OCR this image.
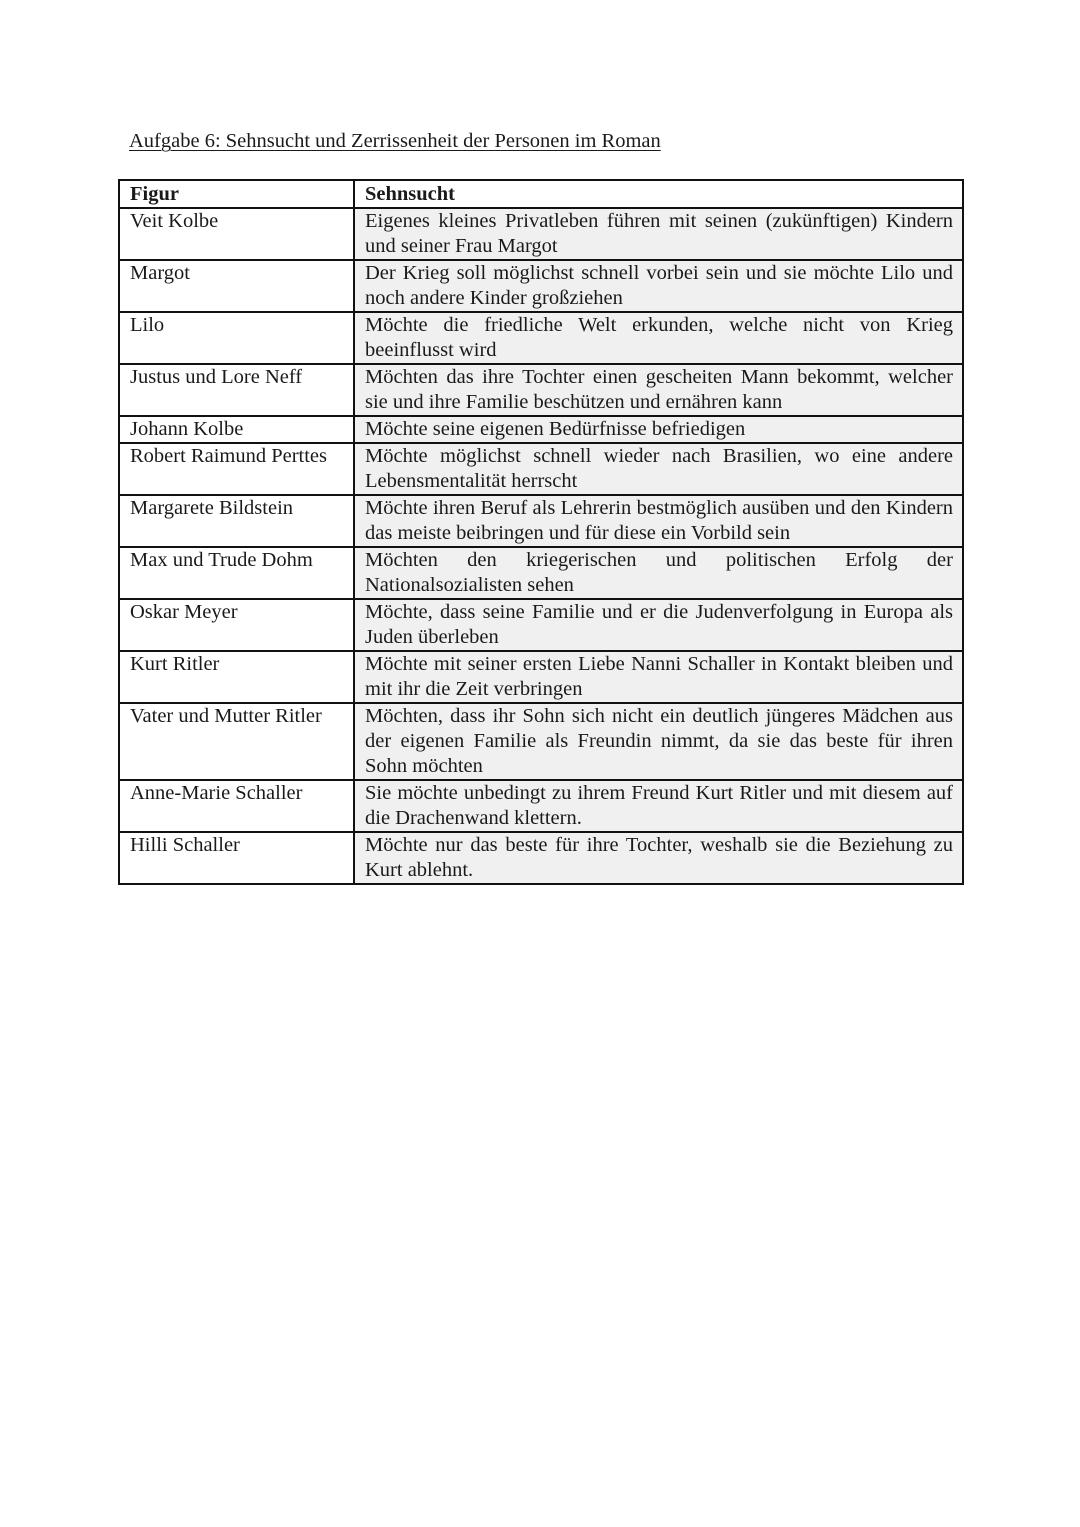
Aufgabe 6: Sehnsucht und Zerrissenheit der Personen im Roman
Figur	Sehnsucht
Veit Kolbe	Eigenes kleines Privatleben führen mit seinen (zukünftigen) Kindern und seiner Frau Margot
Margot	Der Krieg soll möglichst schnell vorbei sein und sie möchte Lilo und noch andere Kinder großziehen
Lilo	Möchte die friedliche Welt erkunden, welche nicht von Krieg beeinflusst wird
Justus und Lore Neff	Möchten das ihre Tochter einen gescheiten Mann bekommt, welcher sie und ihre Familie beschützen und ernähren kann
Johann Kolbe	Möchte seine eigenen Bedürfnisse befriedigen
Robert Raimund Perttes	Möchte möglichst schnell wieder nach Brasilien, wo eine andere Lebensmentalität herrscht
Margarete Bildstein	Möchte ihren Beruf als Lehrerin bestmöglich ausüben und den Kindern das meiste beibringen und für diese ein Vorbild sein
Max und Trude Dohm	Möchten den kriegerischen und politischen Erfolg der Nationalsozialisten sehen
Oskar Meyer	Möchte, dass seine Familie und er die Judenverfolgung in Europa als Juden überleben
Kurt Ritler	Möchte mit seiner ersten Liebe Nanni Schaller in Kontakt bleiben und mit ihr die Zeit verbringen
Vater und Mutter Ritler	Möchten, dass ihr Sohn sich nicht ein deutlich jüngeres Mädchen aus der eigenen Familie als Freundin nimmt, da sie das beste für ihren Sohn möchten
Anne-Marie Schaller	Sie möchte unbedingt zu ihrem Freund Kurt Ritler und mit diesem auf die Drachenwand klettern.
Hilli Schaller	Möchte nur das beste für ihre Tochter, weshalb sie die Beziehung zu Kurt ablehnt.
